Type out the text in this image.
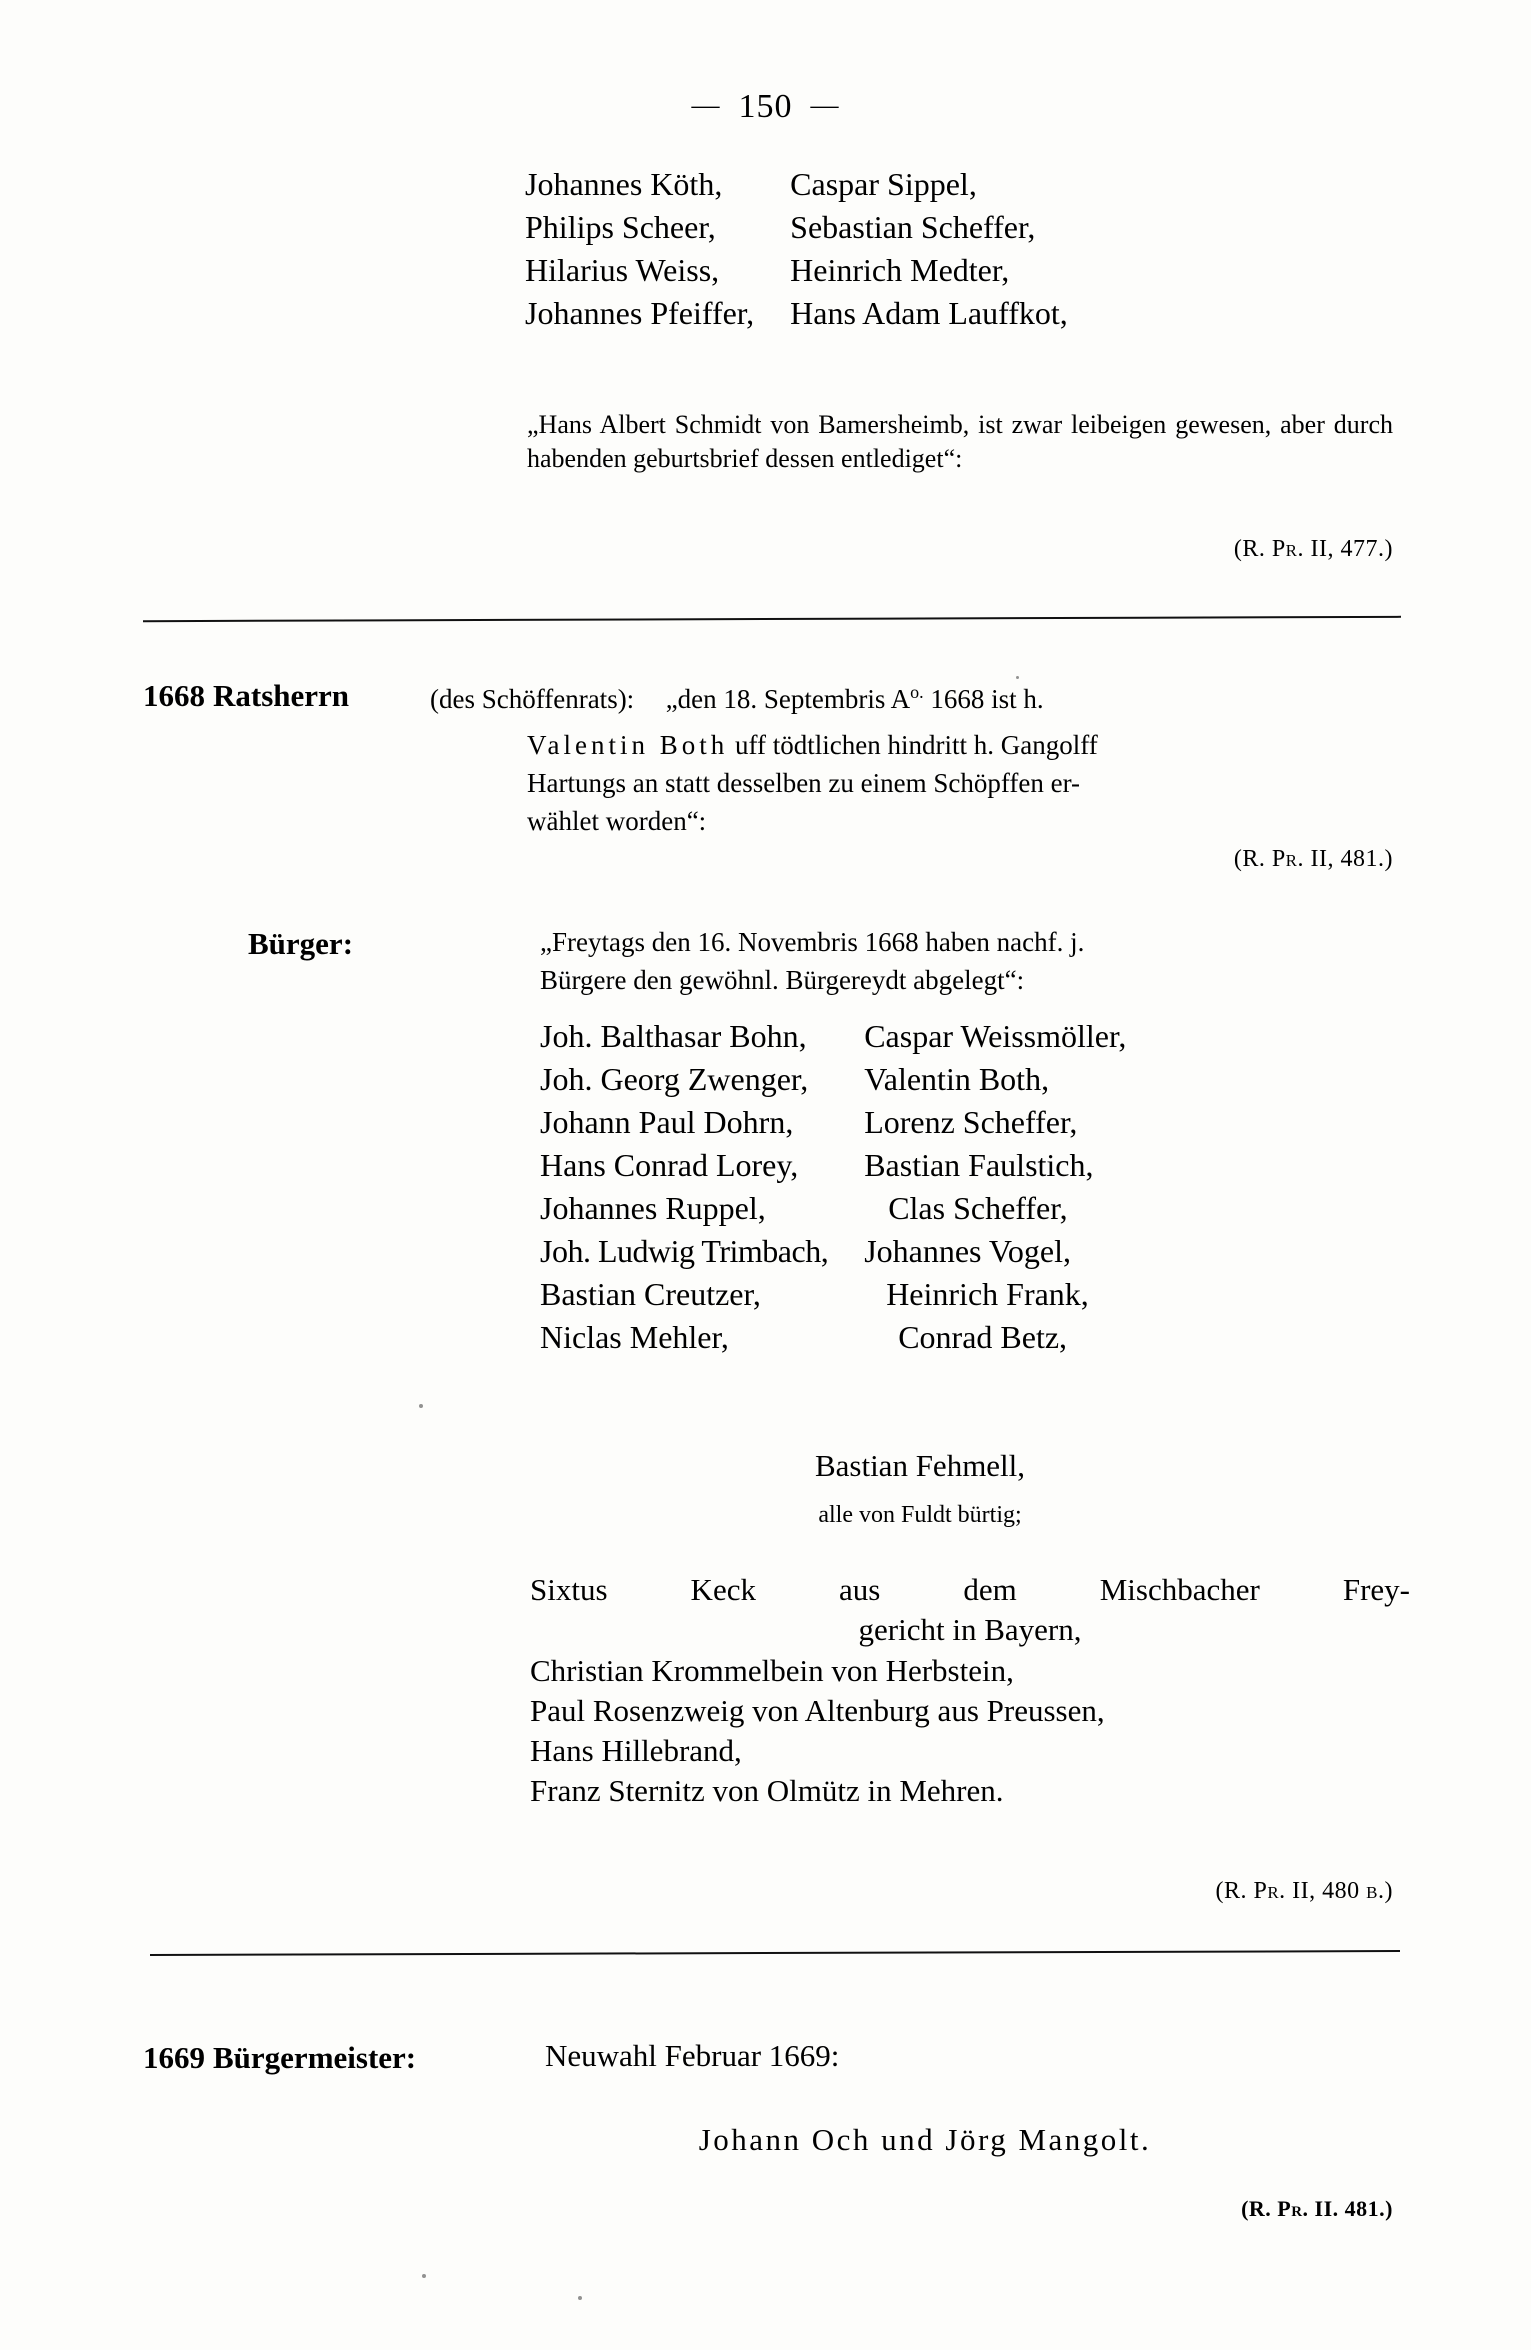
— 150 —
Johannes Köth,	Caspar Sippel,
Philips Scheer,	Sebastian Scheffer,
Hilarius Weiss,	Heinrich Medter,
Johannes Pfeiffer,	Hans Adam Lauffkot,
„Hans Albert Schmidt von Bamersheimb, ist zwar leibeigen gewesen, aber durch habenden geburtsbrief dessen entlediget“:
(R. Pr. II, 477.)
1668 Ratsherrn	(des Schöffenrats): „den 18. Septembris $A^{o.}$ 1668 ist h.
Valentin Both uff tödtlichen hindritt h. Gangolff
Hartungs an statt desselben zu einem Schöpffen er-
wählet worden“:
(R. Pr. II, 481.)
Bürger:	„Freytags den 16. Novembris 1668 haben nachf. j.
Bürgere den gewöhnl. Bürgereydt abgelegt“:
Joh. Balthasar Bohn,	Caspar Weissmöller,
Joh. Georg Zwenger,	Valentin Both,
Johann Paul Dohrn,	Lorenz Scheffer,
Hans Conrad Lorey,	Bastian Faulstich,
Johannes Ruppel,	Clas Scheffer,
Joh. Ludwig Trimbach,	Johannes Vogel,
Bastian Creutzer,	Heinrich Frank,
Niclas Mehler,	Conrad Betz,
Bastian Fehmell,
alle von Fuldt bürtig;
Sixtus Keck aus dem Mischbacher Frey-
gericht in Bayern,
Christian Krommelbein von Herbstein,
Paul Rosenzweig von Altenburg aus Preussen,
Hans Hillebrand,
Franz Sternitz von Olmütz in Mehren.
(R. Pr. II, 480 b.)
1669 Bürgermeister:	Neuwahl Februar 1669:
Johann Och und Jörg Mangolt.
(R. Pr. II. 481.)
